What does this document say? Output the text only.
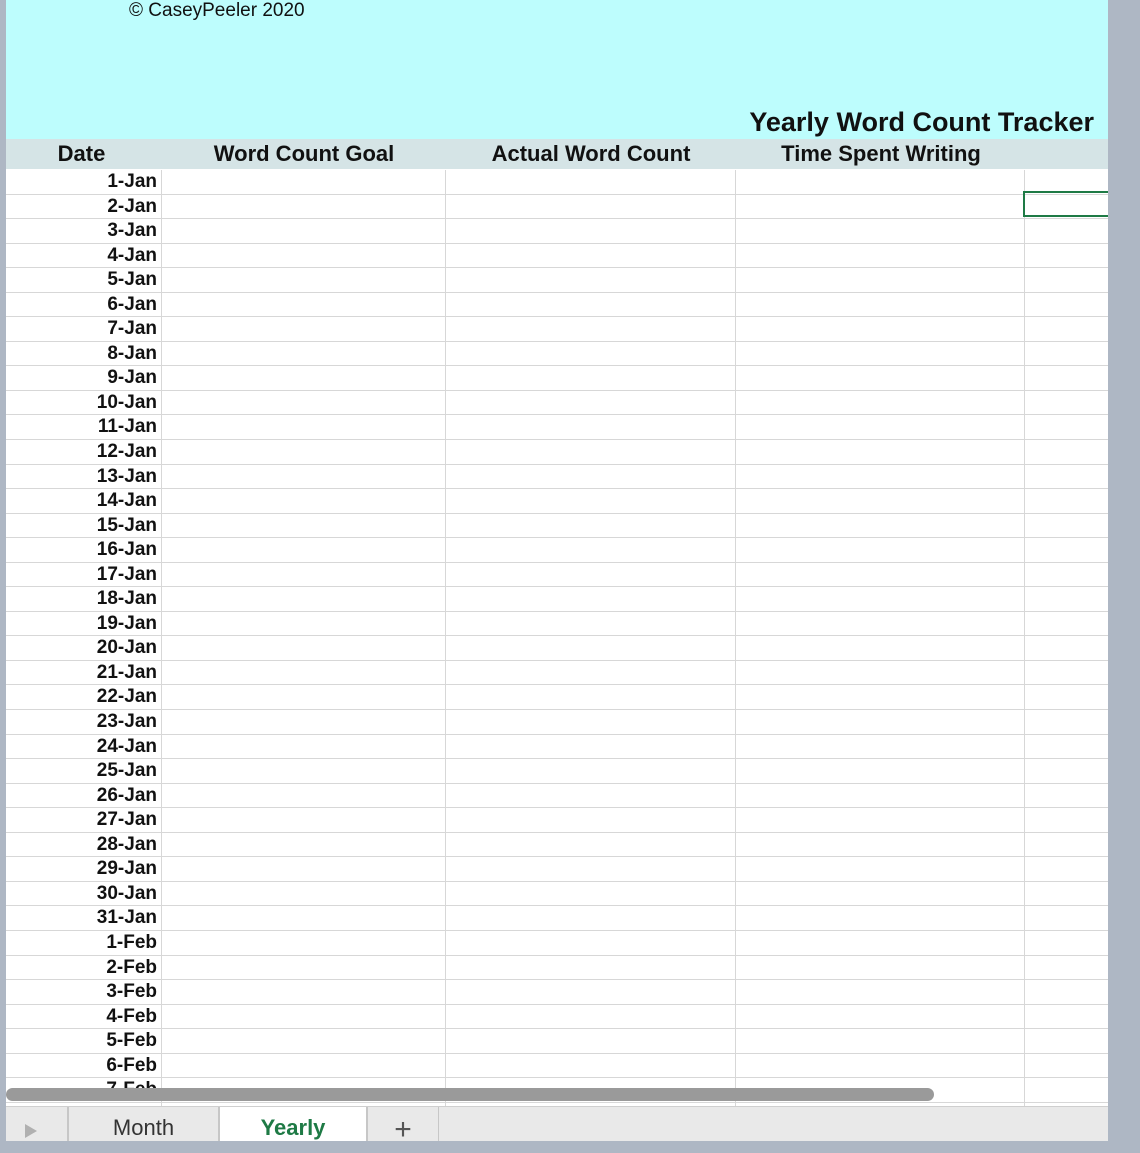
© CaseyPeeler 2020
Yearly Word Count Tracker
Date	Word Count Goal	Actual Word Count	Time Spent Writing
1-Jan
2-Jan
3-Jan
4-Jan
5-Jan
6-Jan
7-Jan
8-Jan
9-Jan
10-Jan
11-Jan
12-Jan
13-Jan
14-Jan
15-Jan
16-Jan
17-Jan
18-Jan
19-Jan
20-Jan
21-Jan
22-Jan
23-Jan
24-Jan
25-Jan
26-Jan
27-Jan
28-Jan
29-Jan
30-Jan
31-Jan
1-Feb
2-Feb
3-Feb
4-Feb
5-Feb
6-Feb
Month	Yearly	+
